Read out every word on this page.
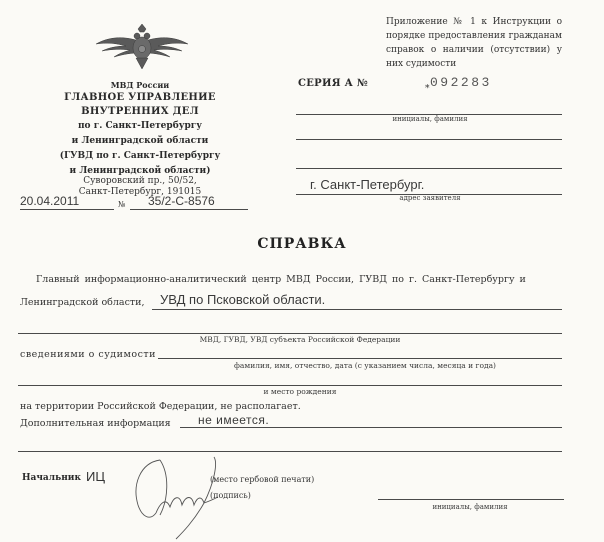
Приложение № 1 к Инструкции о порядке предоставления гражданам справок о наличии (отсутствии) у них судимости
МВД России
ГЛАВНОЕ УПРАВЛЕНИЕ
ВНУТРЕННИХ ДЕЛ
по г. Санкт-Петербургу
и Ленинградской области
(ГУВД по г. Санкт-Петербургу
и Ленинградской области)
Суворовский пр., 50/52,
Санкт-Петербург, 191015
20.04.2011	№ 35/2-С-8576
СЕРИЯ А №	* 092283
инициалы, фамилия
г. Санкт-Петербург.
адрес заявителя
СПРАВКА
Главный информационно-аналитический центр МВД России, ГУВД по г. Санкт-Петербургу и
Ленинградской области, УВД по Псковской области.
МВД, ГУВД, УВД субъекта Российской Федерации
сведениями о судимости
фамилия, имя, отчество, дата (с указанием числа, месяца и года)
и место рождения
на территории Российской Федерации, не располагает.
Дополнительная информация не имеется.
Начальник ИЦ	(место гербовой печати)
(подпись)
инициалы, фамилия
